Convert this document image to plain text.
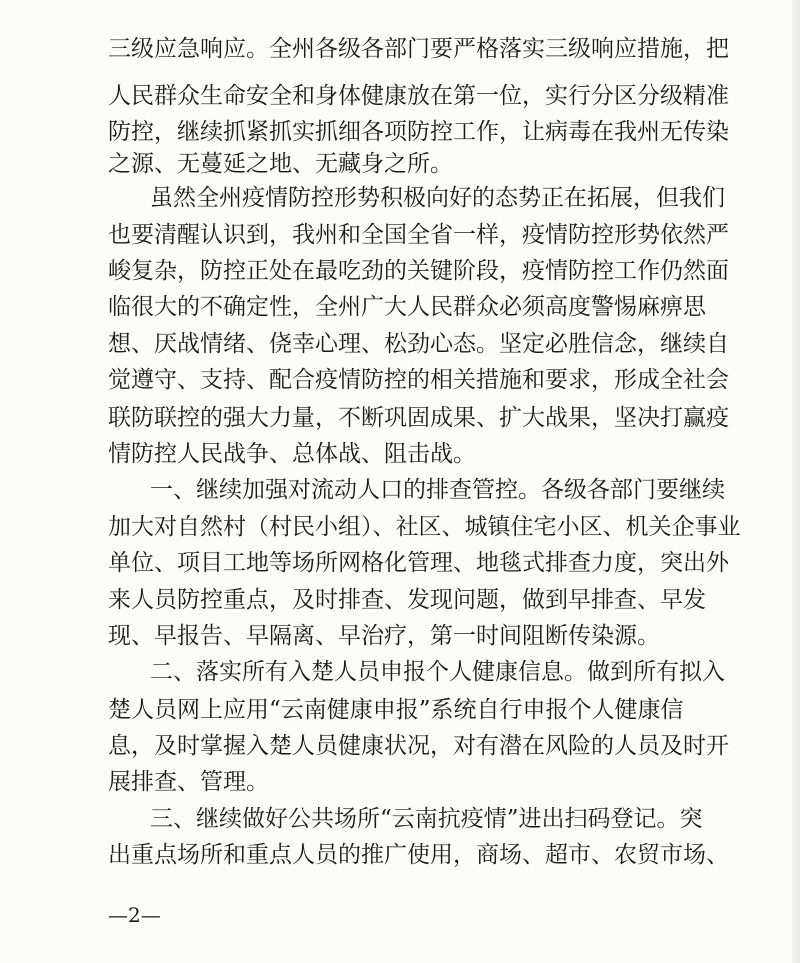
三级应急响应。全州各级各部门要严格落实三级响应措施，把
人民群众生命安全和身体健康放在第一位，实行分区分级精准
防控，继续抓紧抓实抓细各项防控工作，让病毒在我州无传染
之源、无蔓延之地、无藏身之所。
虽然全州疫情防控形势积极向好的态势正在拓展，但我们
也要清醒认识到，我州和全国全省一样，疫情防控形势依然严
峻复杂，防控正处在最吃劲的关键阶段，疫情防控工作仍然面
临很大的不确定性，全州广大人民群众必须高度警惕麻痹思
想、厌战情绪、侥幸心理、松劲心态。坚定必胜信念，继续自
觉遵守、支持、配合疫情防控的相关措施和要求，形成全社会
联防联控的强大力量，不断巩固成果、扩大战果，坚决打赢疫
情防控人民战争、总体战、阻击战。
一、继续加强对流动人口的排查管控。各级各部门要继续
加大对自然村（村民小组）、社区、城镇住宅小区、机关企事业
单位、项目工地等场所网格化管理、地毯式排查力度，突出外
来人员防控重点，及时排查、发现问题，做到早排查、早发
现、早报告、早隔离、早治疗，第一时间阻断传染源。
二、落实所有入楚人员申报个人健康信息。做到所有拟入
楚人员网上应用“云南健康申报”系统自行申报个人健康信
息，及时掌握入楚人员健康状况，对有潜在风险的人员及时开
展排查、管理。
三、继续做好公共场所“云南抗疫情”进出扫码登记。突
出重点场所和重点人员的推广使用，商场、超市、农贸市场、
—2—
